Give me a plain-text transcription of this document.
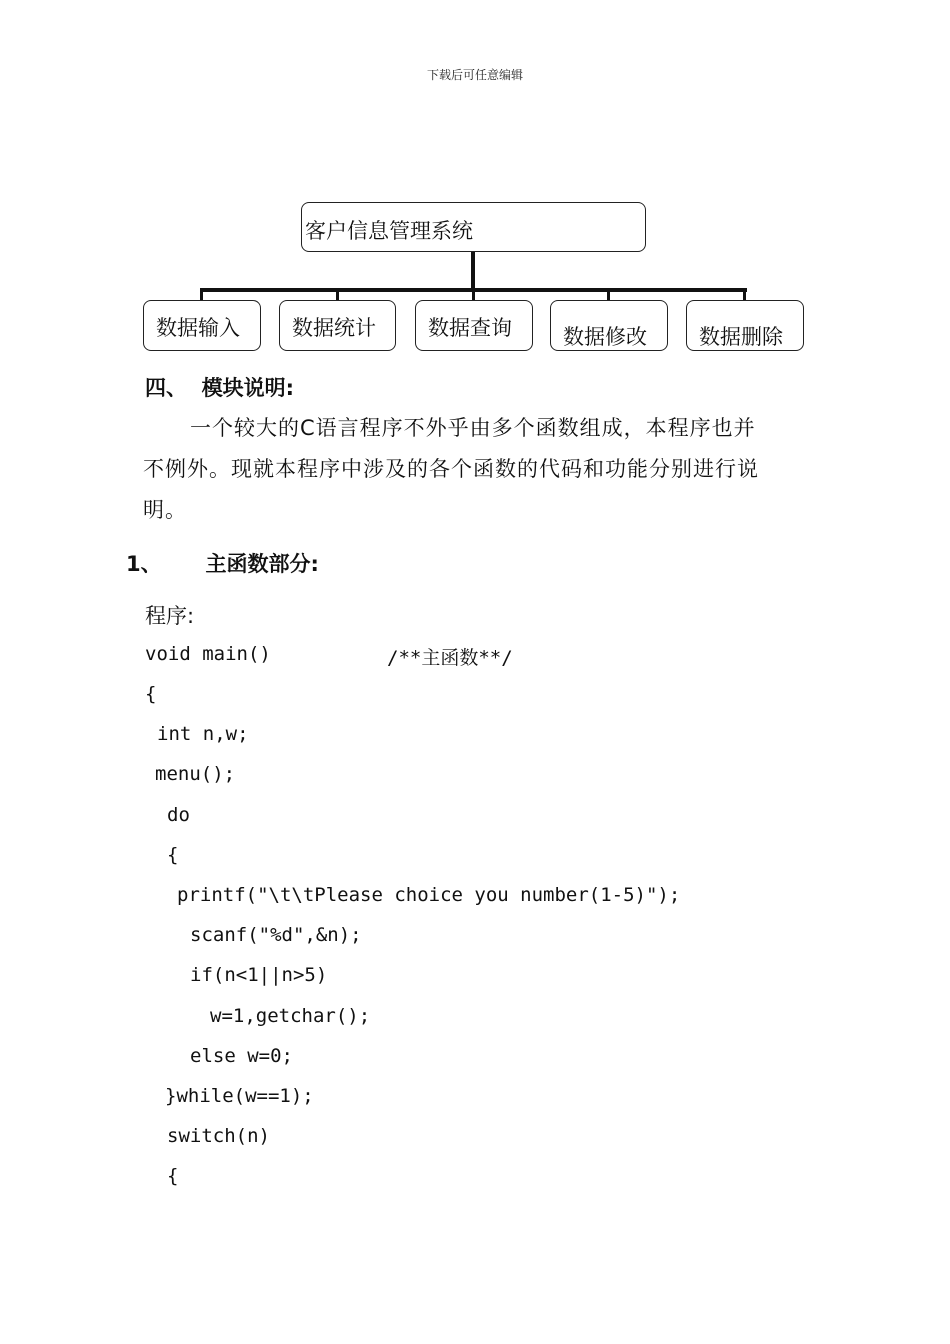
下载后可任意编辑
客户信息管理系统
数据输入 数据统计 数据查询 数据修改 数据删除
四、  模块说明:
一个较大的C语言程序不外乎由多个函数组成，本程序也并
不例外。现就本程序中涉及的各个函数的代码和功能分别进行说
明。
1、      主函数部分:
程序:
void main()	/**主函数**/
{
int n,w;
menu();
do
{
printf("\t\tPlease choice you number(1-5)");
scanf("%d",&n);
if(n<1||n>5)
w=1,getchar();
else w=0;
}while(w==1);
switch(n)
{
